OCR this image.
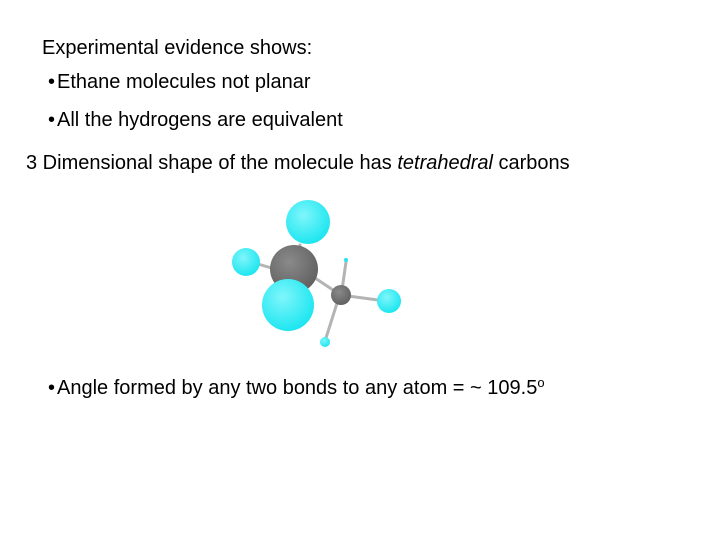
Experimental evidence shows:
• Ethane molecules not planar
• All the hydrogens are equivalent
3 Dimensional shape of the molecule has tetrahedral carbons
• Angle formed by any two bonds to any atom = ~ 109.5$^o$
